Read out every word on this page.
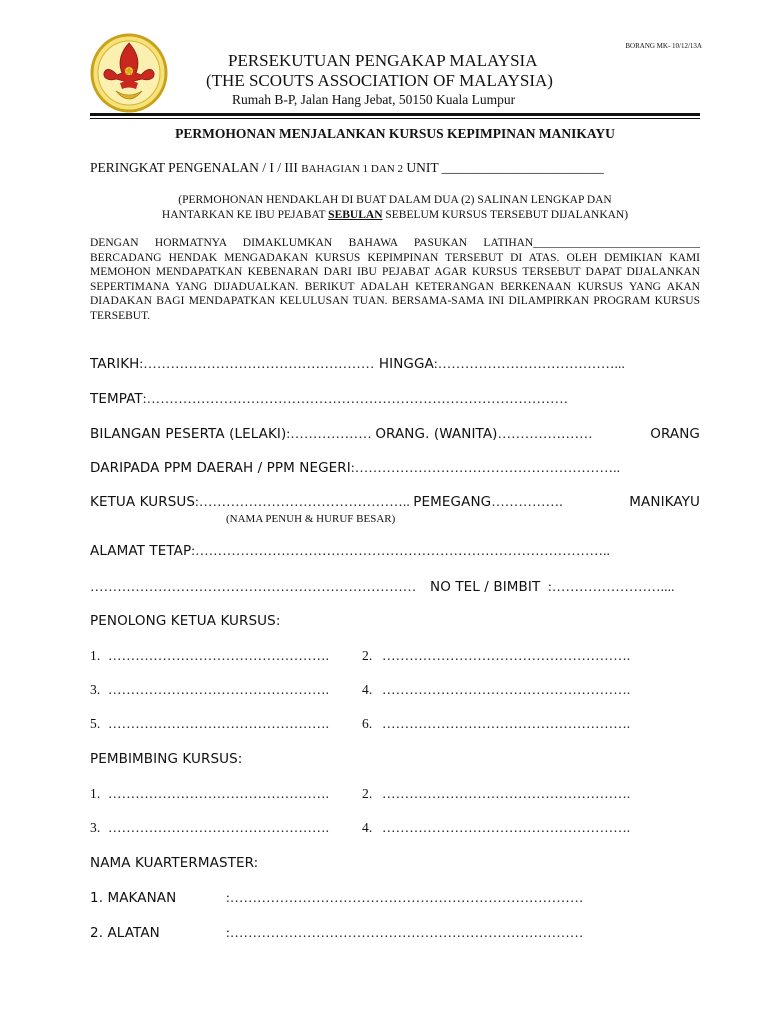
BORANG MK- 10/12/13A
PERSEKUTUAN PENGAKAP MALAYSIA
(THE SCOUTS ASSOCIATION OF MALAYSIA)
Rumah B-P, Jalan Hang Jebat, 50150 Kuala Lumpur
PERMOHONAN MENJALANKAN KURSUS KEPIMPINAN MANIKAYU
PERINGKAT PENGENALAN / I / III BAHAGIAN 1 DAN 2 UNIT ________________________
(PERMOHONAN HENDAKLAH DI BUAT DALAM DUA (2) SALINAN LENGKAP DAN
HANTARKAN KE IBU PEJABAT SEBULAN SEBELUM KURSUS TERSEBUT DIJALANKAN)
DENGAN HORMATNYA DIMAKLUMKAN BAHAWA PASUKAN LATIHAN_____________________________ BERCADANG HENDAK MENGADAKAN KURSUS KEPIMPINAN TERSEBUT DI ATAS. OLEH DEMIKIAN KAMI MEMOHON MENDAPATKAN KEBENARAN DARI IBU PEJABAT AGAR KURSUS TERSEBUT DAPAT DIJALANKAN SEPERTIMANA YANG DIJADUALKAN. BERIKUT ADALAH KETERANGAN BERKENAAN KURSUS YANG AKAN DIADAKAN BAGI MENDAPATKAN KELULUSAN TUAN. BERSAMA-SAMA INI DILAMPIRKAN PROGRAM KURSUS TERSEBUT.
TARIKH:…………………………………………… HINGGA:…………………………………...
TEMPAT:…………………………………………………………………………………
BILANGAN PESERTA (LELAKI):……………… ORANG. (WANITA)…………………	ORANG
DARIPADA PPM DAERAH / PPM NEGERI:…………………………………………………..
KETUA KURSUS:……………………………………….. PEMEGANG…………….	MANIKAYU
(NAMA PENUH & HURUF BESAR)
ALAMAT TETAP:………………………………………………………………………………..
……………………………………………………………… NO TEL / BIMBIT :……………………....
PENOLONG KETUA KURSUS:
1. …………………………………………. 2. ……………………………………………….
3. …………………………………………. 4. ……………………………………………….
5. …………………………………………. 6. ……………………………………………….
PEMBIMBING KURSUS:
1. …………………………………………. 2. ……………………………………………….
3. …………………………………………. 4. ……………………………………………….
NAMA KUARTERMASTER:
1. MAKANAN	:……………………………………………………………………
2. ALATAN	:……………………………………………………………………
